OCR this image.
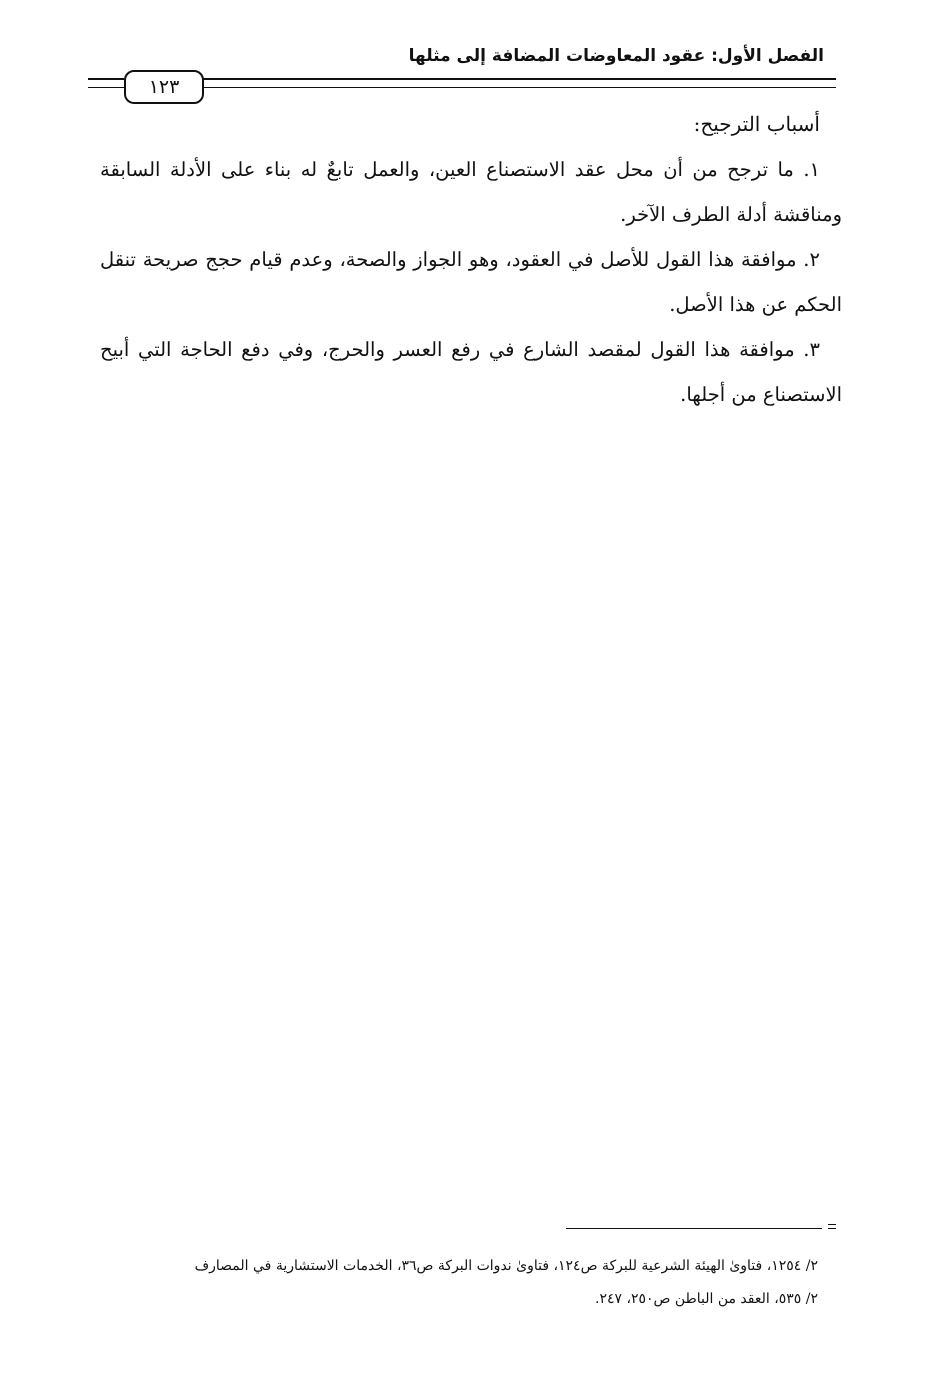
الفصل الأول: عقود المعاوضات المضافة إلى مثلها
١٢٣

أسباب الترجيح:

١. ما ترجح من أن محل عقد الاستصناع العين، والعمل تابعٌ له بناء على الأدلة السابقة ومناقشة أدلة الطرف الآخر.

٢. موافقة هذا القول للأصل في العقود، وهو الجواز والصحة، وعدم قيام حجج صريحة تنقل الحكم عن هذا الأصل.

٣. موافقة هذا القول لمقصد الشارع في رفع العسر والحرج، وفي دفع الحاجة التي أبيح الاستصناع من أجلها.

٢/ ١٢٥٤، فتاوىٰ الهيئة الشرعية للبركة ص١٢٤، فتاوىٰ ندوات البركة ص٣٦، الخدمات الاستشارية في المصارف

٢/ ٥٣٥، العقد من الباطن ص٢٥٠، ٢٤٧.
